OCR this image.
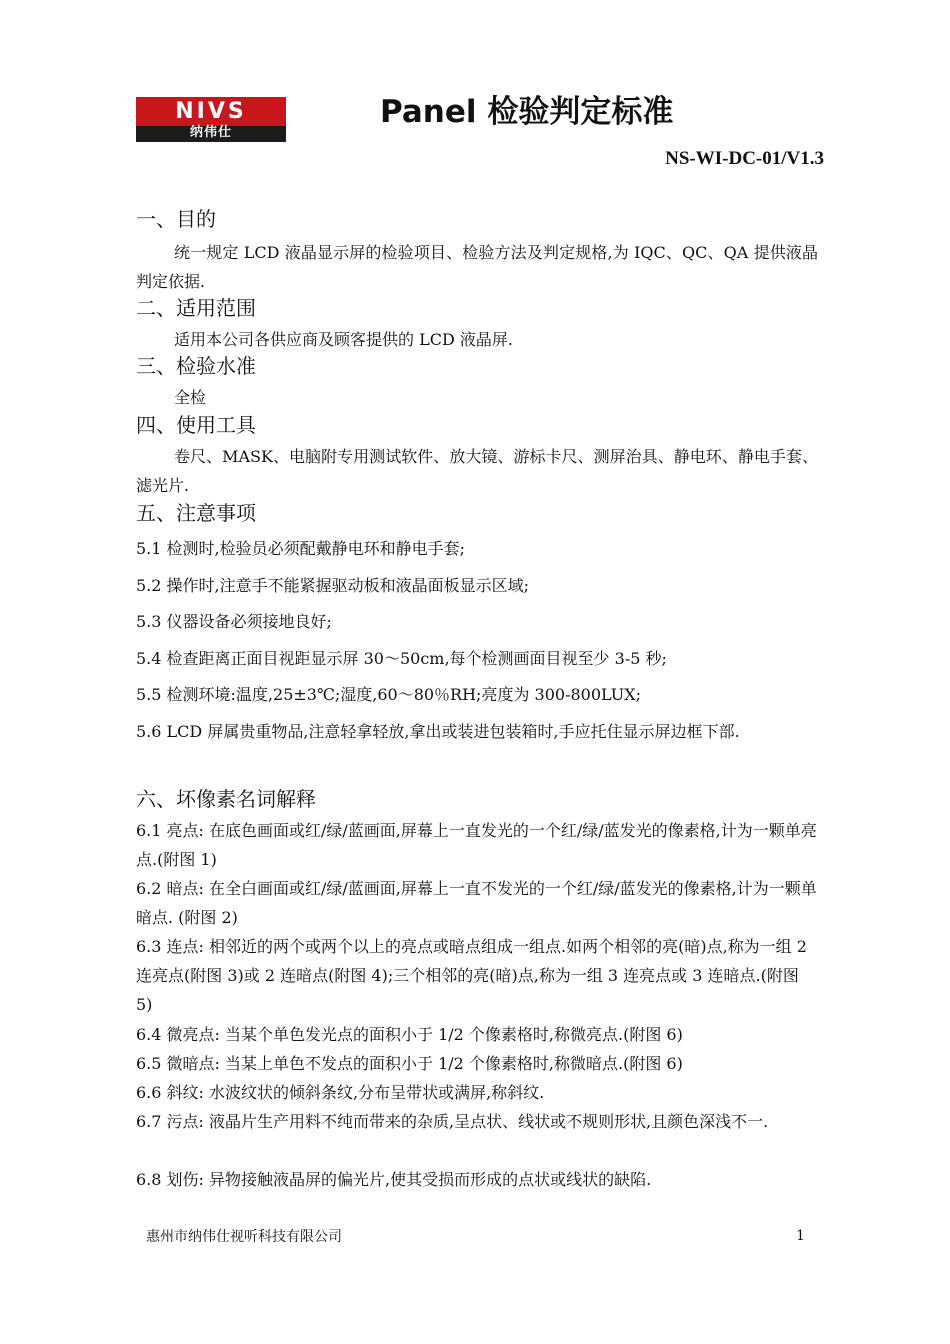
NIVS
纳伟仕
Panel 检验判定标准
NS-WI-DC-01/V1.3
一、目的
统一规定 LCD 液晶显示屏的检验项目、检验方法及判定规格,为 IQC、QC、QA 提供液晶判定依据.
二、适用范围
适用本公司各供应商及顾客提供的 LCD 液晶屏.
三、检验水准
全检
四、使用工具
卷尺、MASK、电脑附专用测试软件、放大镜、游标卡尺、测屏治具、静电环、静电手套、滤光片.
五、注意事项
5.1 检测时,检验员必须配戴静电环和静电手套;
5.2 操作时,注意手不能紧握驱动板和液晶面板显示区域;
5.3 仪器设备必须接地良好;
5.4 检查距离正面目视距显示屏 30～50cm,每个检测画面目视至少 3-5 秒;
5.5 检测环境:温度,25±3℃;湿度,60～80％RH;亮度为 300-800LUX;
5.6 LCD 屏属贵重物品,注意轻拿轻放,拿出或装进包装箱时,手应托住显示屏边框下部.
六、坏像素名词解释
6.1 亮点: 在底色画面或红/绿/蓝画面,屏幕上一直发光的一个红/绿/蓝发光的像素格,计为一颗单亮点.(附图 1)
6.2 暗点: 在全白画面或红/绿/蓝画面,屏幕上一直不发光的一个红/绿/蓝发光的像素格,计为一颗单暗点. (附图 2)
6.3 连点: 相邻近的两个或两个以上的亮点或暗点组成一组点.如两个相邻的亮(暗)点,称为一组 2 连亮点(附图 3)或 2 连暗点(附图 4);三个相邻的亮(暗)点,称为一组 3 连亮点或 3 连暗点.(附图 5)
6.4 微亮点: 当某个单色发光点的面积小于 1/2 个像素格时,称微亮点.(附图 6)
6.5 微暗点: 当某上单色不发点的面积小于 1/2 个像素格时,称微暗点.(附图 6)
6.6 斜纹: 水波纹状的倾斜条纹,分布呈带状或满屏,称斜纹.
6.7 污点: 液晶片生产用料不纯而带来的杂质,呈点状、线状或不规则形状,且颜色深浅不一.
6.8 划伤: 异物接触液晶屏的偏光片,使其受损而形成的点状或线状的缺陷.
惠州市纳伟仕视听科技有限公司	1
